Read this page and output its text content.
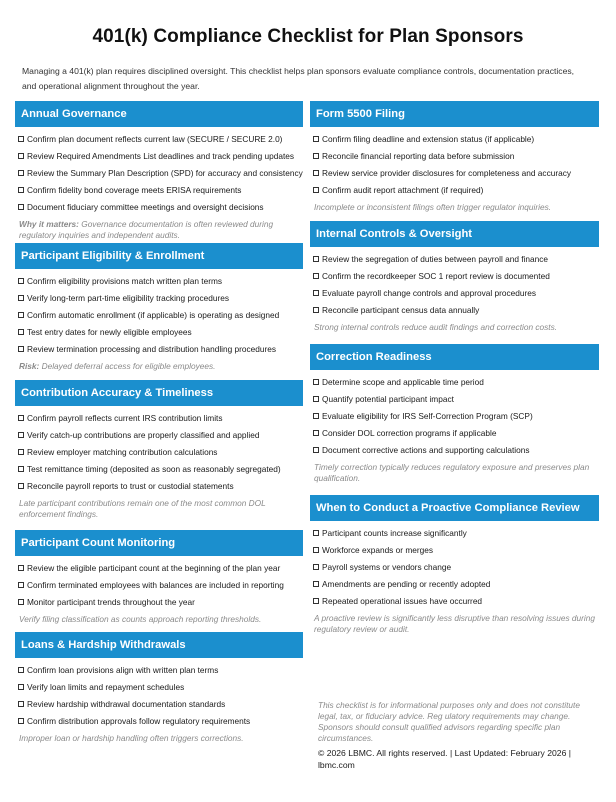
401(k) Compliance Checklist for Plan Sponsors
Managing a 401(k) plan requires disciplined oversight. This checklist helps plan sponsors evaluate compliance controls, documentation practices, and operational alignment throughout the year.
Annual Governance
Confirm plan document reflects current law (SECURE / SECURE 2.0)
Review Required Amendments List deadlines and track pending updates
Review the Summary Plan Description (SPD) for accuracy and consistency
Confirm fidelity bond coverage meets ERISA requirements
Document fiduciary committee meetings and oversight decisions
Why it matters: Governance documentation is often reviewed during regulatory inquiries and independent audits.
Participant Eligibility & Enrollment
Confirm eligibility provisions match written plan terms
Verify long-term part-time eligibility tracking procedures
Confirm automatic enrollment (if applicable) is operating as designed
Test entry dates for newly eligible employees
Review termination processing and distribution handling procedures
Risk: Delayed deferral access for eligible employees.
Contribution Accuracy & Timeliness
Confirm payroll reflects current IRS contribution limits
Verify catch-up contributions are properly classified and applied
Review employer matching contribution calculations
Test remittance timing (deposited as soon as reasonably segregated)
Reconcile payroll reports to trust or custodial statements
Late participant contributions remain one of the most common DOL enforcement findings.
Participant Count Monitoring
Review the eligible participant count at the beginning of the plan year
Confirm terminated employees with balances are included in reporting
Monitor participant trends throughout the year
Verify filing classification as counts approach reporting thresholds.
Loans & Hardship Withdrawals
Confirm loan provisions align with written plan terms
Verify loan limits and repayment schedules
Review hardship withdrawal documentation standards
Confirm distribution approvals follow regulatory requirements
Improper loan or hardship handling often triggers corrections.
Form 5500 Filing
Confirm filing deadline and extension status (if applicable)
Reconcile financial reporting data before submission
Review service provider disclosures for completeness and accuracy
Confirm audit report attachment (if required)
Incomplete or inconsistent filings often trigger regulator inquiries.
Internal Controls & Oversight
Review the segregation of duties between payroll and finance
Confirm the recordkeeper SOC 1 report review is documented
Evaluate payroll change controls and approval procedures
Reconcile participant census data annually
Strong internal controls reduce audit findings and correction costs.
Correction Readiness
Determine scope and applicable time period
Quantify potential participant impact
Evaluate eligibility for IRS Self-Correction Program (SCP)
Consider DOL correction programs if applicable
Document corrective actions and supporting calculations
Timely correction typically reduces regulatory exposure and preserves plan qualification.
When to Conduct a Proactive Compliance Review
Participant counts increase significantly
Workforce expands or merges
Payroll systems or vendors change
Amendments are pending or recently adopted
Repeated operational issues have occurred
A proactive review is significantly less disruptive than resolving issues during regulatory review or audit.
This checklist is for informational purposes only and does not constitute legal, tax, or fiduciary advice. Reg ulatory requirements may change. Sponsors should consult qualified advisors regarding specific plan circumstances.
© 2026 LBMC. All rights reserved. | Last Updated: February 2026 | lbmc.com
